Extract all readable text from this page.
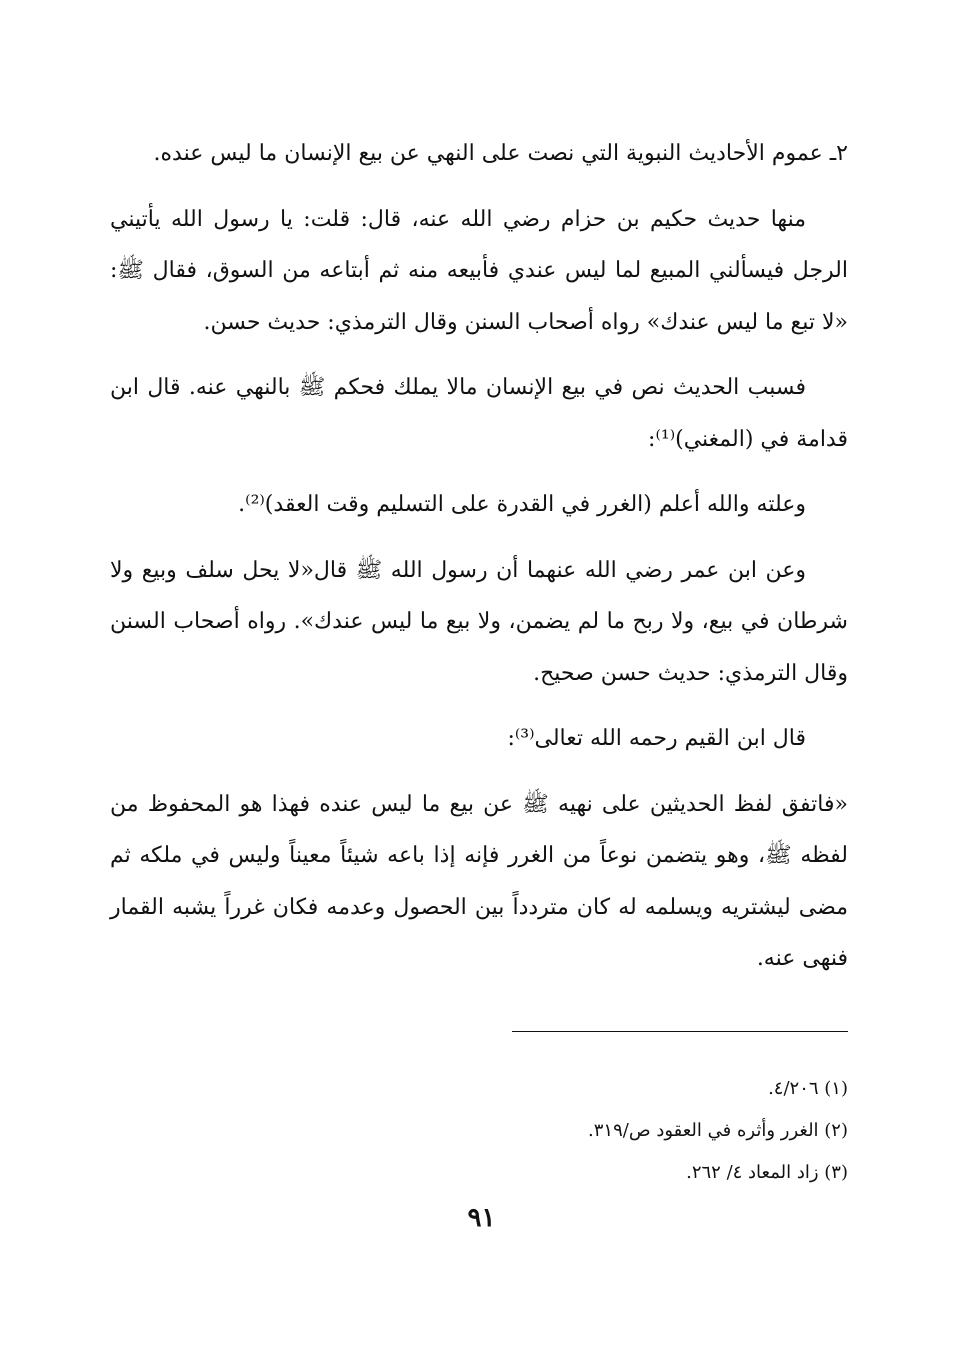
٢ـ عموم الأحاديث النبوية التي نصت على النهي عن بيع الإنسان ما ليس عنده.

منها حديث حكيم بن حزام رضي الله عنه، قال: قلت: يا رسول الله يأتيني الرجل فيسألني المبيع لما ليس عندي فأبيعه منه ثم أبتاعه من السوق، فقال ﷺ: «لا تبع ما ليس عندك» رواه أصحاب السنن وقال الترمذي: حديث حسن.

فسبب الحديث نص في بيع الإنسان مالا يملك فحكم ﷺ بالنهي عنه. قال ابن قدامة في (المغني)⁽¹⁾:

وعلته والله أعلم (الغرر في القدرة على التسليم وقت العقد)⁽²⁾.

وعن ابن عمر رضي الله عنهما أن رسول الله ﷺ قال«لا يحل سلف وبيع ولا شرطان في بيع، ولا ربح ما لم يضمن، ولا بيع ما ليس عندك». رواه أصحاب السنن وقال الترمذي: حديث حسن صحيح.

قال ابن القيم رحمه الله تعالى⁽³⁾:

«فاتفق لفظ الحديثين على نهيه ﷺ عن بيع ما ليس عنده فهذا هو المحفوظ من لفظه ﷺ، وهو يتضمن نوعاً من الغرر فإنه إذا باعه شيئاً معيناً وليس في ملكه ثم مضى ليشتريه ويسلمه له كان متردداً بين الحصول وعدمه فكان غرراً يشبه القمار فنهى عنه.

(١) ٤/٢٠٦.
(٢) الغرر وأثره في العقود ص/٣١٩.
(٣) زاد المعاد ٤/ ٢٦٢.
٩١
